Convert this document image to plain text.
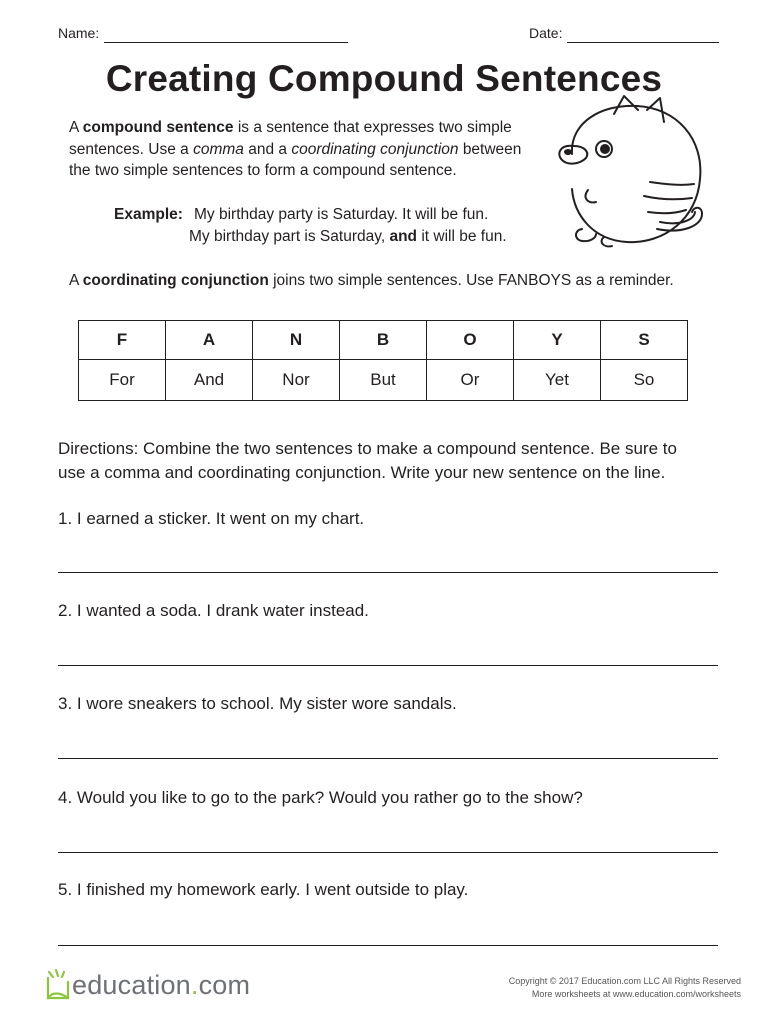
Name:	Date:
Creating Compound Sentences
A compound sentence is a sentence that expresses two simple
sentences. Use a comma and a coordinating conjunction between
the two simple sentences to form a compound sentence.
Example: My birthday party is Saturday. It will be fun.
My birthday part is Saturday, and it will be fun.
A coordinating conjunction joins two simple sentences. Use FANBOYS as a reminder.
F	A	N	B	O	Y	S
For	And	Nor	But	Or	Yet	So
Directions: Combine the two sentences to make a compound sentence. Be sure to
use a comma and coordinating conjunction. Write your new sentence on the line.
1. I earned a sticker. It went on my chart.
2. I wanted a soda. I drank water instead.
3. I wore sneakers to school. My sister wore sandals.
4. Would you like to go to the park? Would you rather go to the show?
5. I finished my homework early. I went outside to play.
education.com	Copyright © 2017 Education.com LLC All Rights Reserved
More worksheets at www.education.com/worksheets
